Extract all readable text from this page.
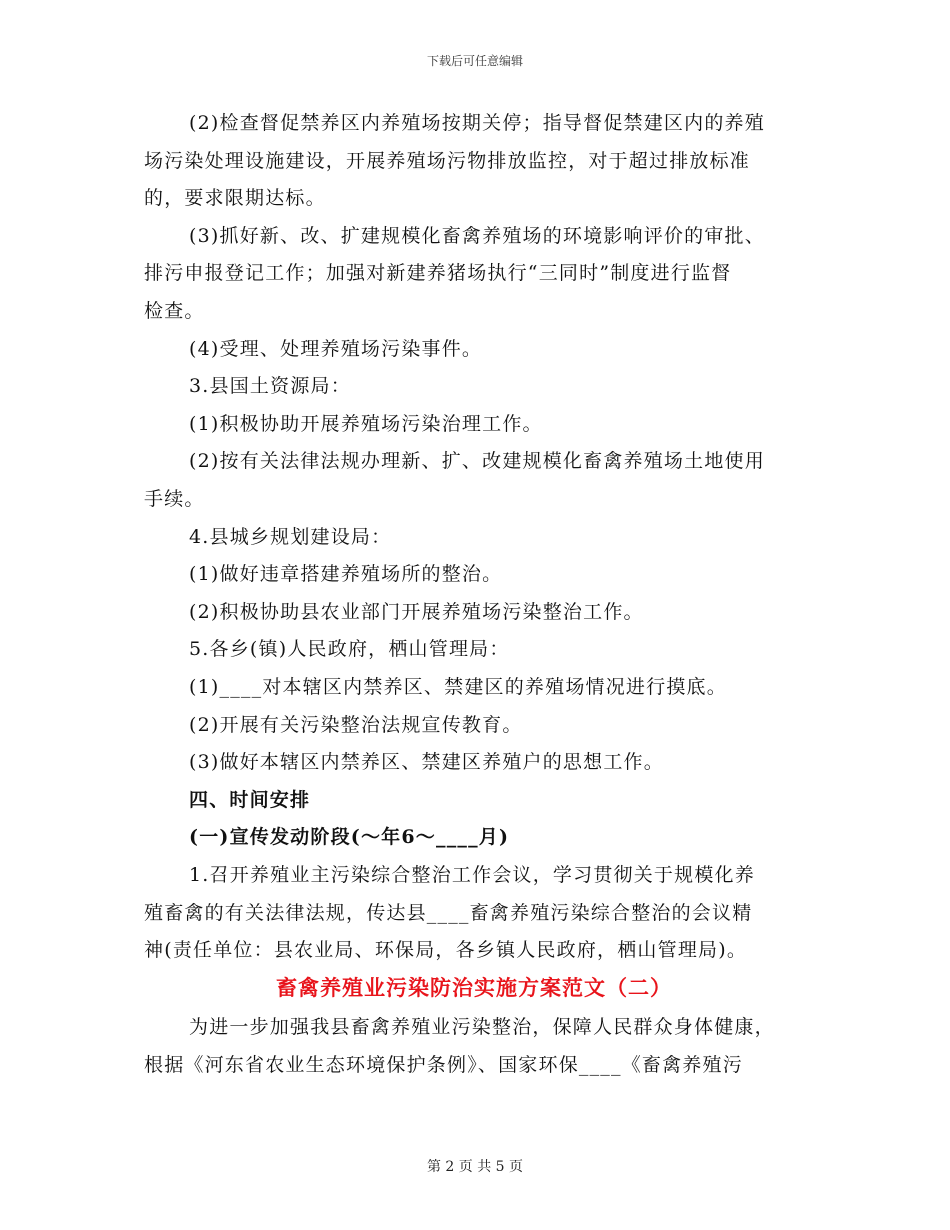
下载后可任意编辑
(2)检查督促禁养区内养殖场按期关停；指导督促禁建区内的养殖
场污染处理设施建设，开展养殖场污物排放监控，对于超过排放标准
的，要求限期达标。
(3)抓好新、改、扩建规模化畜禽养殖场的环境影响评价的审批、
排污申报登记工作；加强对新建养猪场执行“三同时”制度进行监督
检查。
(4)受理、处理养殖场污染事件。
3.县国土资源局：
(1)积极协助开展养殖场污染治理工作。
(2)按有关法律法规办理新、扩、改建规模化畜禽养殖场土地使用
手续。
4.县城乡规划建设局：
(1)做好违章搭建养殖场所的整治。
(2)积极协助县农业部门开展养殖场污染整治工作。
5.各乡(镇)人民政府，栖山管理局：
(1)____对本辖区内禁养区、禁建区的养殖场情况进行摸底。
(2)开展有关污染整治法规宣传教育。
(3)做好本辖区内禁养区、禁建区养殖户的思想工作。
四、时间安排
(一)宣传发动阶段(～年6～____月)
1.召开养殖业主污染综合整治工作会议，学习贯彻关于规模化养
殖畜禽的有关法律法规，传达县____畜禽养殖污染综合整治的会议精
神(责任单位：县农业局、环保局，各乡镇人民政府，栖山管理局)。
畜禽养殖业污染防治实施方案范文（二）
为进一步加强我县畜禽养殖业污染整治，保障人民群众身体健康，
根据《河东省农业生态环境保护条例》、国家环保____《畜禽养殖污
第 2 页 共 5 页
